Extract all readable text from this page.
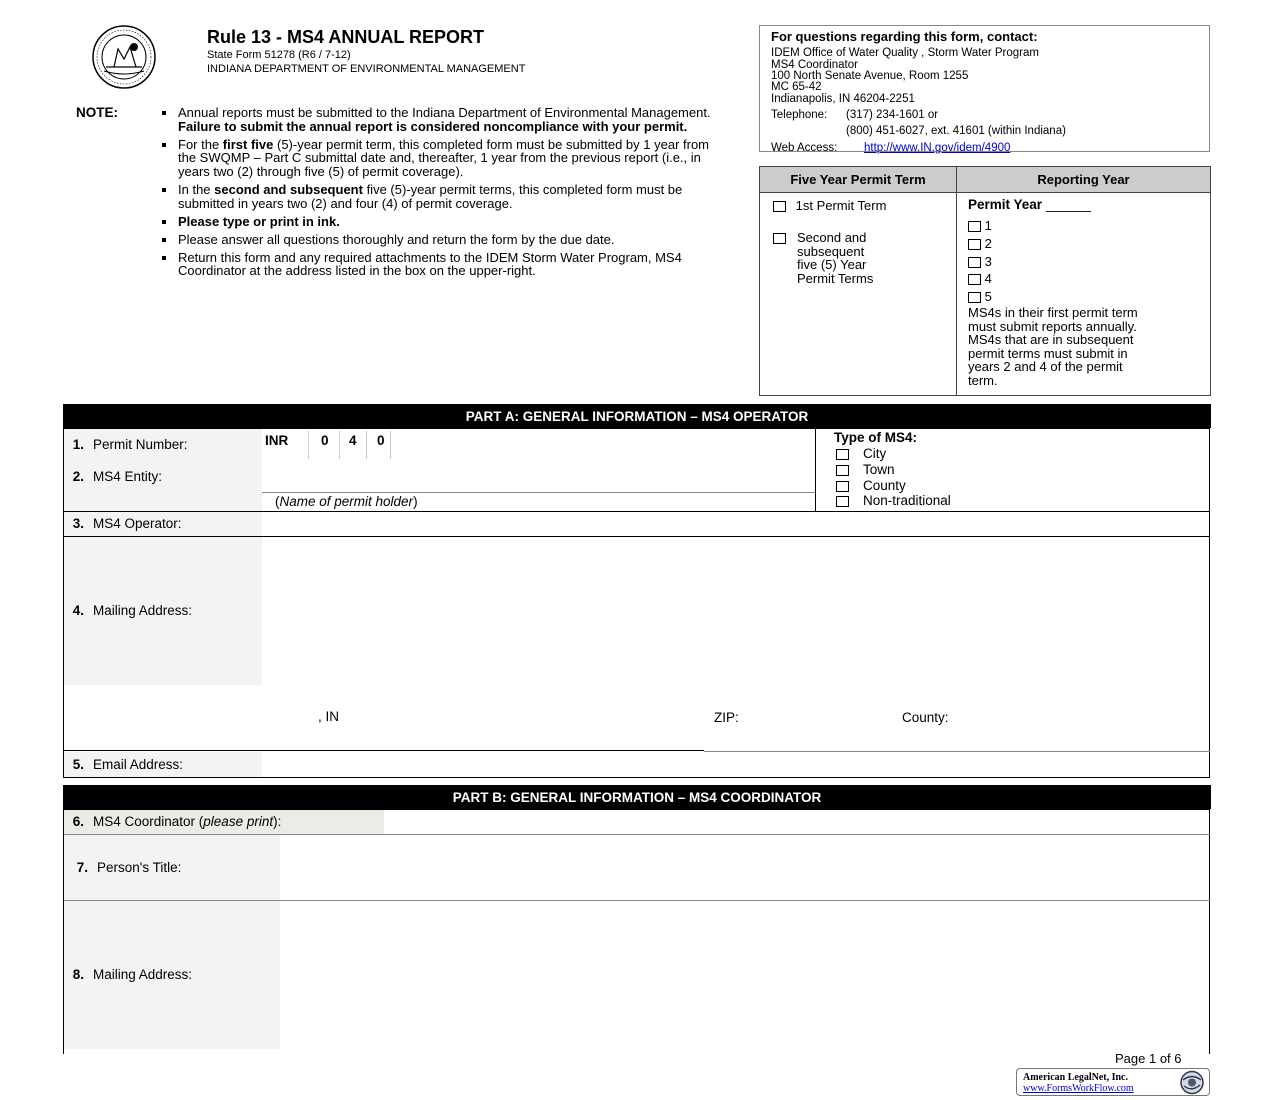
Rule 13 - MS4 ANNUAL REPORT
State Form 51278 (R6 / 7-12)
INDIANA DEPARTMENT OF ENVIRONMENTAL MANAGEMENT
NOTE:	Annual reports must be submitted to the Indiana Department of Environmental Management. Failure to submit the annual report is considered noncompliance with your permit.
For the first five (5)-year permit term, this completed form must be submitted by 1 year from the SWQMP – Part C submittal date and, thereafter, 1 year from the previous report (i.e., in years two (2) through five (5) of permit coverage).
In the second and subsequent five (5)-year permit terms, this completed form must be submitted in years two (2) and four (4) of permit coverage.
Please type or print in ink.
Please answer all questions thoroughly and return the form by the due date.
Return this form and any required attachments to the IDEM Storm Water Program, MS4 Coordinator at the address listed in the box on the upper-right.
For questions regarding this form, contact:
IDEM Office of Water Quality , Storm Water Program
MS4 Coordinator
100 North Senate Avenue, Room 1255
MC 65-42
Indianapolis, IN 46204-2251
Telephone: (317) 234-1601 or
(800) 451-6027, ext. 41601 (within Indiana)
Web Access: http://www.IN.gov/idem/4900
Five Year Permit Term	Reporting Year
1st Permit Term
Second and
subsequent
five (5) Year
Permit Terms
Permit Year ______
1
2
3
4
5
MS4s in their first permit term
must submit reports annually.
MS4s that are in subsequent
permit terms must submit in
years 2 and 4 of the permit
term.
PART A: GENERAL INFORMATION – MS4 OPERATOR
1. Permit Number:	INR 0 4 0
2. MS4 Entity:
(Name of permit holder)
Type of MS4:
City
Town
County
Non-traditional
3. MS4 Operator:
4. Mailing Address:
, IN	ZIP:	County:
5. Email Address:
PART B: GENERAL INFORMATION – MS4 COORDINATOR
6. MS4 Coordinator (please print):
7. Person's Title:
8. Mailing Address:
Page 1 of 6
American LegalNet, Inc.
www.FormsWorkFlow.com
